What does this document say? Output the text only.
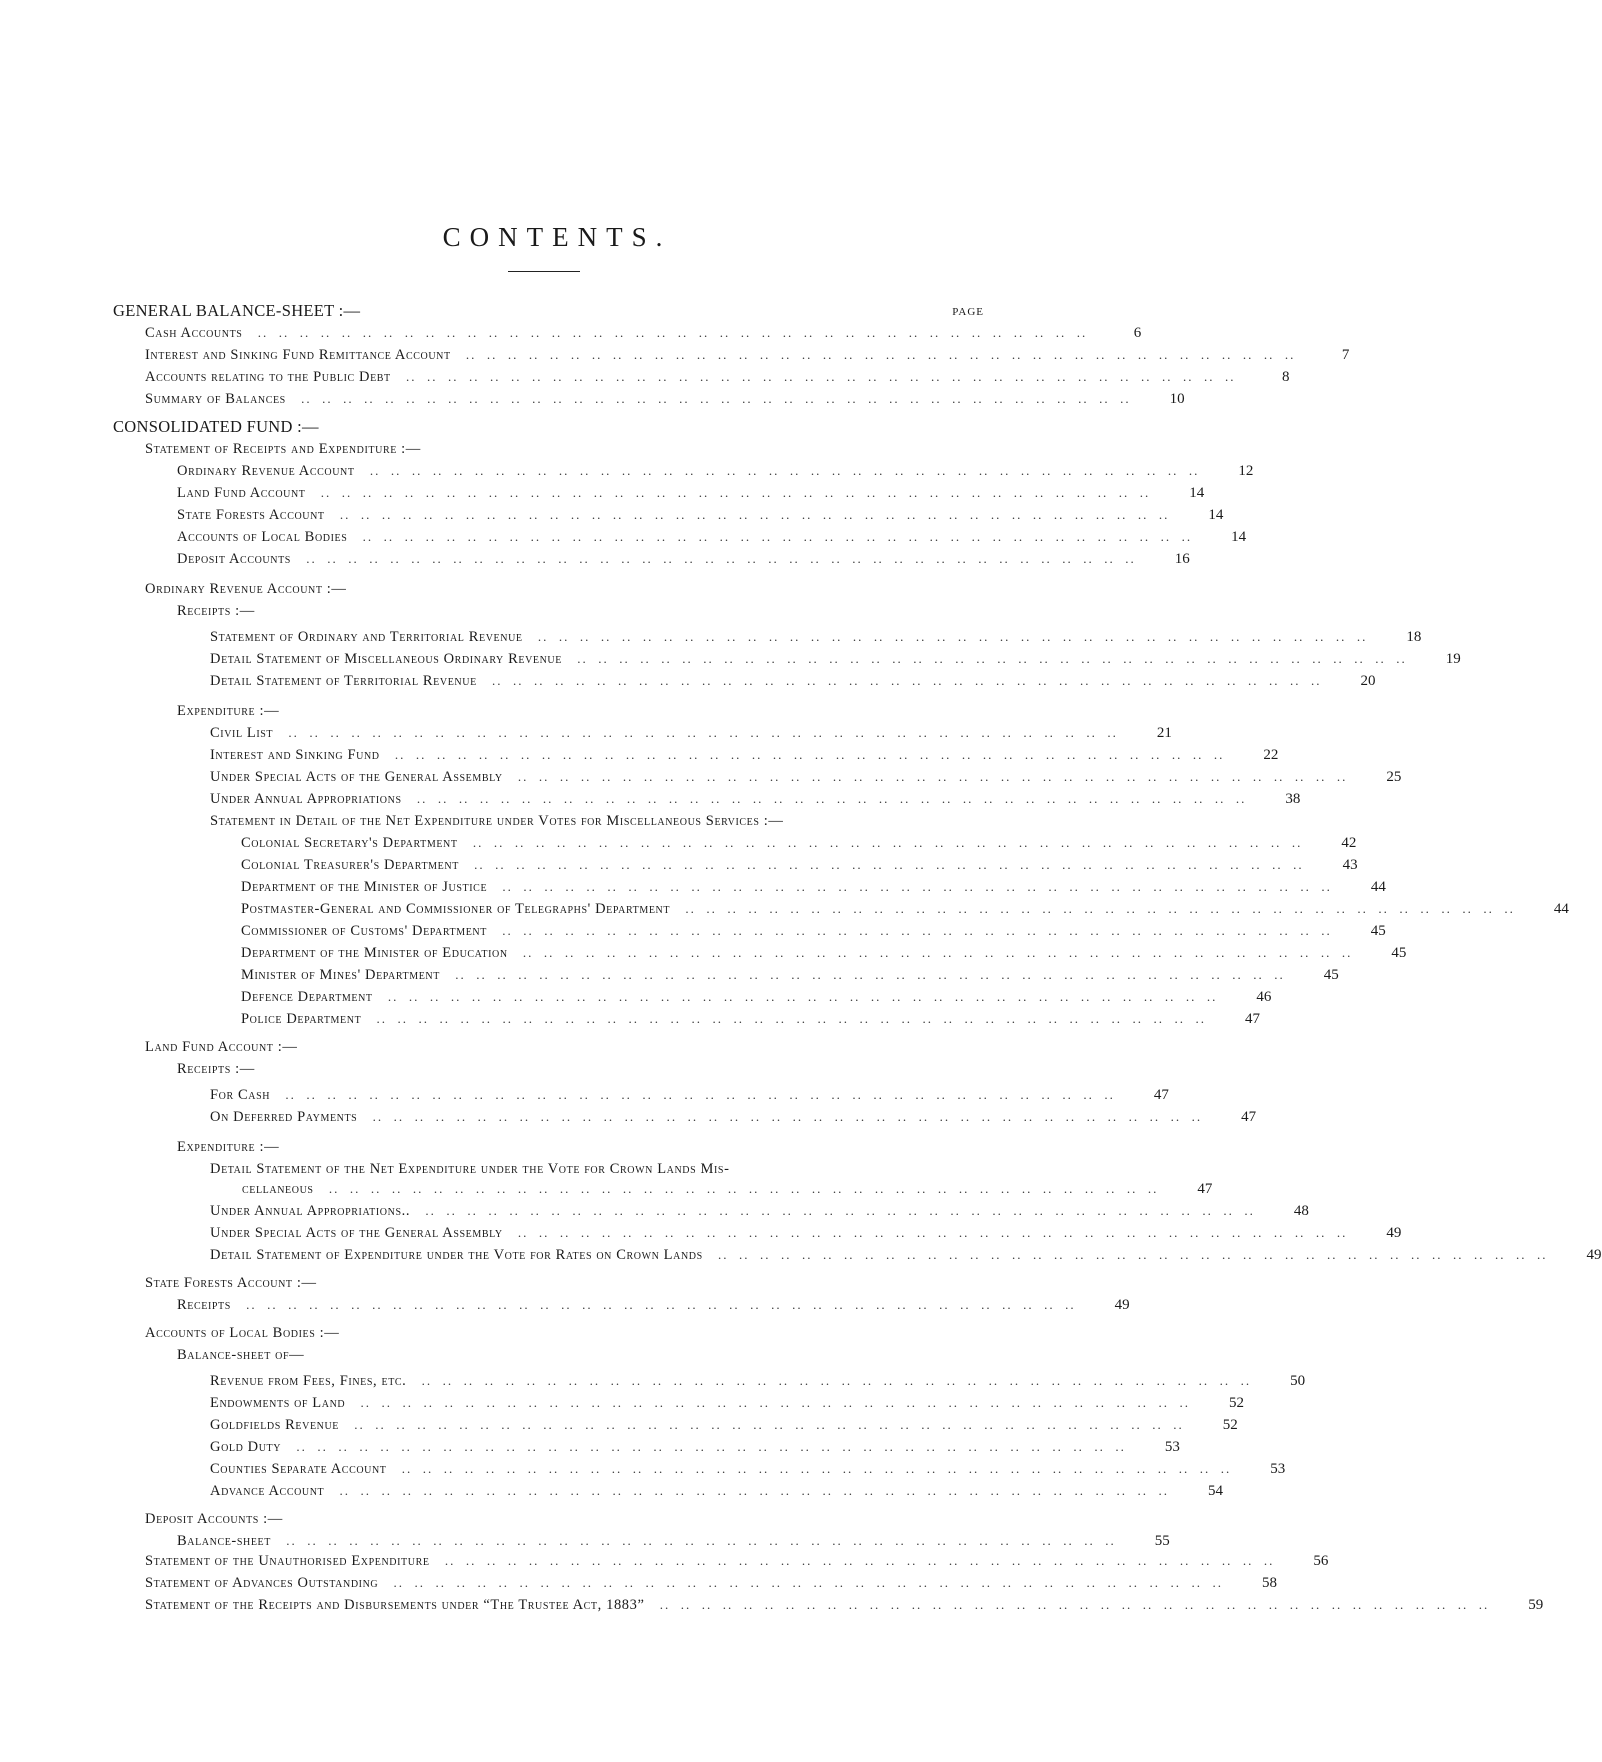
CONTENTS.
PAGE
GENERAL BALANCE-SHEET :—
Cash Accounts ..  ..  ..  ..  ..  ..  ..  ..  ..  ..  ..  ..  ..  ..  ..  ..  ..  ..  ..  ..  ..  ..  ..  ..  ..  ..  ..  ..  ..  ..  ..  ..  ..  ..  ..  ..  ..  ..  ..  ..	6
Interest and Sinking Fund Remittance Account ..  ..  ..  ..  ..  ..  ..  ..  ..  ..  ..  ..  ..  ..  ..  ..  ..  ..  ..  ..  ..  ..  ..  ..  ..  ..  ..  ..  ..  ..  ..  ..  ..  ..  ..  ..  ..  ..  ..  ..	7
Accounts relating to the Public Debt ..  ..  ..  ..  ..  ..  ..  ..  ..  ..  ..  ..  ..  ..  ..  ..  ..  ..  ..  ..  ..  ..  ..  ..  ..  ..  ..  ..  ..  ..  ..  ..  ..  ..  ..  ..  ..  ..  ..  ..	8
Summary of Balances ..  ..  ..  ..  ..  ..  ..  ..  ..  ..  ..  ..  ..  ..  ..  ..  ..  ..  ..  ..  ..  ..  ..  ..  ..  ..  ..  ..  ..  ..  ..  ..  ..  ..  ..  ..  ..  ..  ..  ..	10
CONSOLIDATED FUND :—
Statement of Receipts and Expenditure :—
Ordinary Revenue Account ..  ..  ..  ..  ..  ..  ..  ..  ..  ..  ..  ..  ..  ..  ..  ..  ..  ..  ..  ..  ..  ..  ..  ..  ..  ..  ..  ..  ..  ..  ..  ..  ..  ..  ..  ..  ..  ..  ..  ..	12
Land Fund Account ..  ..  ..  ..  ..  ..  ..  ..  ..  ..  ..  ..  ..  ..  ..  ..  ..  ..  ..  ..  ..  ..  ..  ..  ..  ..  ..  ..  ..  ..  ..  ..  ..  ..  ..  ..  ..  ..  ..  ..	14
State Forests Account ..  ..  ..  ..  ..  ..  ..  ..  ..  ..  ..  ..  ..  ..  ..  ..  ..  ..  ..  ..  ..  ..  ..  ..  ..  ..  ..  ..  ..  ..  ..  ..  ..  ..  ..  ..  ..  ..  ..  ..	14
Accounts of Local Bodies ..  ..  ..  ..  ..  ..  ..  ..  ..  ..  ..  ..  ..  ..  ..  ..  ..  ..  ..  ..  ..  ..  ..  ..  ..  ..  ..  ..  ..  ..  ..  ..  ..  ..  ..  ..  ..  ..  ..  ..	14
Deposit Accounts ..  ..  ..  ..  ..  ..  ..  ..  ..  ..  ..  ..  ..  ..  ..  ..  ..  ..  ..  ..  ..  ..  ..  ..  ..  ..  ..  ..  ..  ..  ..  ..  ..  ..  ..  ..  ..  ..  ..  ..	16
Ordinary Revenue Account :—
Receipts :—
Statement of Ordinary and Territorial Revenue ..  ..  ..  ..  ..  ..  ..  ..  ..  ..  ..  ..  ..  ..  ..  ..  ..  ..  ..  ..  ..  ..  ..  ..  ..  ..  ..  ..  ..  ..  ..  ..  ..  ..  ..  ..  ..  ..  ..  ..	18
Detail Statement of Miscellaneous Ordinary Revenue ..  ..  ..  ..  ..  ..  ..  ..  ..  ..  ..  ..  ..  ..  ..  ..  ..  ..  ..  ..  ..  ..  ..  ..  ..  ..  ..  ..  ..  ..  ..  ..  ..  ..  ..  ..  ..  ..  ..  ..	19
Detail Statement of Territorial Revenue ..  ..  ..  ..  ..  ..  ..  ..  ..  ..  ..  ..  ..  ..  ..  ..  ..  ..  ..  ..  ..  ..  ..  ..  ..  ..  ..  ..  ..  ..  ..  ..  ..  ..  ..  ..  ..  ..  ..  ..	20
Expenditure :—
Civil List ..  ..  ..  ..  ..  ..  ..  ..  ..  ..  ..  ..  ..  ..  ..  ..  ..  ..  ..  ..  ..  ..  ..  ..  ..  ..  ..  ..  ..  ..  ..  ..  ..  ..  ..  ..  ..  ..  ..  ..	21
Interest and Sinking Fund ..  ..  ..  ..  ..  ..  ..  ..  ..  ..  ..  ..  ..  ..  ..  ..  ..  ..  ..  ..  ..  ..  ..  ..  ..  ..  ..  ..  ..  ..  ..  ..  ..  ..  ..  ..  ..  ..  ..  ..	22
Under Special Acts of the General Assembly ..  ..  ..  ..  ..  ..  ..  ..  ..  ..  ..  ..  ..  ..  ..  ..  ..  ..  ..  ..  ..  ..  ..  ..  ..  ..  ..  ..  ..  ..  ..  ..  ..  ..  ..  ..  ..  ..  ..  ..	25
Under Annual Appropriations ..  ..  ..  ..  ..  ..  ..  ..  ..  ..  ..  ..  ..  ..  ..  ..  ..  ..  ..  ..  ..  ..  ..  ..  ..  ..  ..  ..  ..  ..  ..  ..  ..  ..  ..  ..  ..  ..  ..  ..	38
Statement in Detail of the Net Expenditure under Votes for Miscellaneous Services :—
Colonial Secretary's Department ..  ..  ..  ..  ..  ..  ..  ..  ..  ..  ..  ..  ..  ..  ..  ..  ..  ..  ..  ..  ..  ..  ..  ..  ..  ..  ..  ..  ..  ..  ..  ..  ..  ..  ..  ..  ..  ..  ..  ..	42
Colonial Treasurer's Department ..  ..  ..  ..  ..  ..  ..  ..  ..  ..  ..  ..  ..  ..  ..  ..  ..  ..  ..  ..  ..  ..  ..  ..  ..  ..  ..  ..  ..  ..  ..  ..  ..  ..  ..  ..  ..  ..  ..  ..	43
Department of the Minister of Justice ..  ..  ..  ..  ..  ..  ..  ..  ..  ..  ..  ..  ..  ..  ..  ..  ..  ..  ..  ..  ..  ..  ..  ..  ..  ..  ..  ..  ..  ..  ..  ..  ..  ..  ..  ..  ..  ..  ..  ..	44
Postmaster-General and Commissioner of Telegraphs' Department ..  ..  ..  ..  ..  ..  ..  ..  ..  ..  ..  ..  ..  ..  ..  ..  ..  ..  ..  ..  ..  ..  ..  ..  ..  ..  ..  ..  ..  ..  ..  ..  ..  ..  ..  ..  ..  ..  ..  ..	44
Commissioner of Customs' Department ..  ..  ..  ..  ..  ..  ..  ..  ..  ..  ..  ..  ..  ..  ..  ..  ..  ..  ..  ..  ..  ..  ..  ..  ..  ..  ..  ..  ..  ..  ..  ..  ..  ..  ..  ..  ..  ..  ..  ..	45
Department of the Minister of Education ..  ..  ..  ..  ..  ..  ..  ..  ..  ..  ..  ..  ..  ..  ..  ..  ..  ..  ..  ..  ..  ..  ..  ..  ..  ..  ..  ..  ..  ..  ..  ..  ..  ..  ..  ..  ..  ..  ..  ..	45
Minister of Mines' Department ..  ..  ..  ..  ..  ..  ..  ..  ..  ..  ..  ..  ..  ..  ..  ..  ..  ..  ..  ..  ..  ..  ..  ..  ..  ..  ..  ..  ..  ..  ..  ..  ..  ..  ..  ..  ..  ..  ..  ..	45
Defence Department ..  ..  ..  ..  ..  ..  ..  ..  ..  ..  ..  ..  ..  ..  ..  ..  ..  ..  ..  ..  ..  ..  ..  ..  ..  ..  ..  ..  ..  ..  ..  ..  ..  ..  ..  ..  ..  ..  ..  ..	46
Police Department ..  ..  ..  ..  ..  ..  ..  ..  ..  ..  ..  ..  ..  ..  ..  ..  ..  ..  ..  ..  ..  ..  ..  ..  ..  ..  ..  ..  ..  ..  ..  ..  ..  ..  ..  ..  ..  ..  ..  ..	47
Land Fund Account :—
Receipts :—
For Cash ..  ..  ..  ..  ..  ..  ..  ..  ..  ..  ..  ..  ..  ..  ..  ..  ..  ..  ..  ..  ..  ..  ..  ..  ..  ..  ..  ..  ..  ..  ..  ..  ..  ..  ..  ..  ..  ..  ..  ..	47
On Deferred Payments ..  ..  ..  ..  ..  ..  ..  ..  ..  ..  ..  ..  ..  ..  ..  ..  ..  ..  ..  ..  ..  ..  ..  ..  ..  ..  ..  ..  ..  ..  ..  ..  ..  ..  ..  ..  ..  ..  ..  ..	47
Expenditure :—
Detail Statement of the Net Expenditure under the Vote for Crown Lands Mis-
cellaneous ..  ..  ..  ..  ..  ..  ..  ..  ..  ..  ..  ..  ..  ..  ..  ..  ..  ..  ..  ..  ..  ..  ..  ..  ..  ..  ..  ..  ..  ..  ..  ..  ..  ..  ..  ..  ..  ..  ..  ..	47
Under Annual Appropriations.. ..  ..  ..  ..  ..  ..  ..  ..  ..  ..  ..  ..  ..  ..  ..  ..  ..  ..  ..  ..  ..  ..  ..  ..  ..  ..  ..  ..  ..  ..  ..  ..  ..  ..  ..  ..  ..  ..  ..  ..	48
Under Special Acts of the General Assembly ..  ..  ..  ..  ..  ..  ..  ..  ..  ..  ..  ..  ..  ..  ..  ..  ..  ..  ..  ..  ..  ..  ..  ..  ..  ..  ..  ..  ..  ..  ..  ..  ..  ..  ..  ..  ..  ..  ..  ..	49
Detail Statement of Expenditure under the Vote for Rates on Crown Lands ..  ..  ..  ..  ..  ..  ..  ..  ..  ..  ..  ..  ..  ..  ..  ..  ..  ..  ..  ..  ..  ..  ..  ..  ..  ..  ..  ..  ..  ..  ..  ..  ..  ..  ..  ..  ..  ..  ..  ..	49
State Forests Account :—
Receipts ..  ..  ..  ..  ..  ..  ..  ..  ..  ..  ..  ..  ..  ..  ..  ..  ..  ..  ..  ..  ..  ..  ..  ..  ..  ..  ..  ..  ..  ..  ..  ..  ..  ..  ..  ..  ..  ..  ..  ..	49
Accounts of Local Bodies :—
Balance-sheet of—
Revenue from Fees, Fines, etc. ..  ..  ..  ..  ..  ..  ..  ..  ..  ..  ..  ..  ..  ..  ..  ..  ..  ..  ..  ..  ..  ..  ..  ..  ..  ..  ..  ..  ..  ..  ..  ..  ..  ..  ..  ..  ..  ..  ..  ..	50
Endowments of Land ..  ..  ..  ..  ..  ..  ..  ..  ..  ..  ..  ..  ..  ..  ..  ..  ..  ..  ..  ..  ..  ..  ..  ..  ..  ..  ..  ..  ..  ..  ..  ..  ..  ..  ..  ..  ..  ..  ..  ..	52
Goldfields Revenue ..  ..  ..  ..  ..  ..  ..  ..  ..  ..  ..  ..  ..  ..  ..  ..  ..  ..  ..  ..  ..  ..  ..  ..  ..  ..  ..  ..  ..  ..  ..  ..  ..  ..  ..  ..  ..  ..  ..  ..	52
Gold Duty ..  ..  ..  ..  ..  ..  ..  ..  ..  ..  ..  ..  ..  ..  ..  ..  ..  ..  ..  ..  ..  ..  ..  ..  ..  ..  ..  ..  ..  ..  ..  ..  ..  ..  ..  ..  ..  ..  ..  ..	53
Counties Separate Account ..  ..  ..  ..  ..  ..  ..  ..  ..  ..  ..  ..  ..  ..  ..  ..  ..  ..  ..  ..  ..  ..  ..  ..  ..  ..  ..  ..  ..  ..  ..  ..  ..  ..  ..  ..  ..  ..  ..  ..	53
Advance Account ..  ..  ..  ..  ..  ..  ..  ..  ..  ..  ..  ..  ..  ..  ..  ..  ..  ..  ..  ..  ..  ..  ..  ..  ..  ..  ..  ..  ..  ..  ..  ..  ..  ..  ..  ..  ..  ..  ..  ..	54
Deposit Accounts :—
Balance-sheet ..  ..  ..  ..  ..  ..  ..  ..  ..  ..  ..  ..  ..  ..  ..  ..  ..  ..  ..  ..  ..  ..  ..  ..  ..  ..  ..  ..  ..  ..  ..  ..  ..  ..  ..  ..  ..  ..  ..  ..	55
Statement of the Unauthorised Expenditure ..  ..  ..  ..  ..  ..  ..  ..  ..  ..  ..  ..  ..  ..  ..  ..  ..  ..  ..  ..  ..  ..  ..  ..  ..  ..  ..  ..  ..  ..  ..  ..  ..  ..  ..  ..  ..  ..  ..  ..	56
Statement of Advances Outstanding ..  ..  ..  ..  ..  ..  ..  ..  ..  ..  ..  ..  ..  ..  ..  ..  ..  ..  ..  ..  ..  ..  ..  ..  ..  ..  ..  ..  ..  ..  ..  ..  ..  ..  ..  ..  ..  ..  ..  ..	58
Statement of the Receipts and Disbursements under “The Trustee Act, 1883” ..  ..  ..  ..  ..  ..  ..  ..  ..  ..  ..  ..  ..  ..  ..  ..  ..  ..  ..  ..  ..  ..  ..  ..  ..  ..  ..  ..  ..  ..  ..  ..  ..  ..  ..  ..  ..  ..  ..  ..	59
